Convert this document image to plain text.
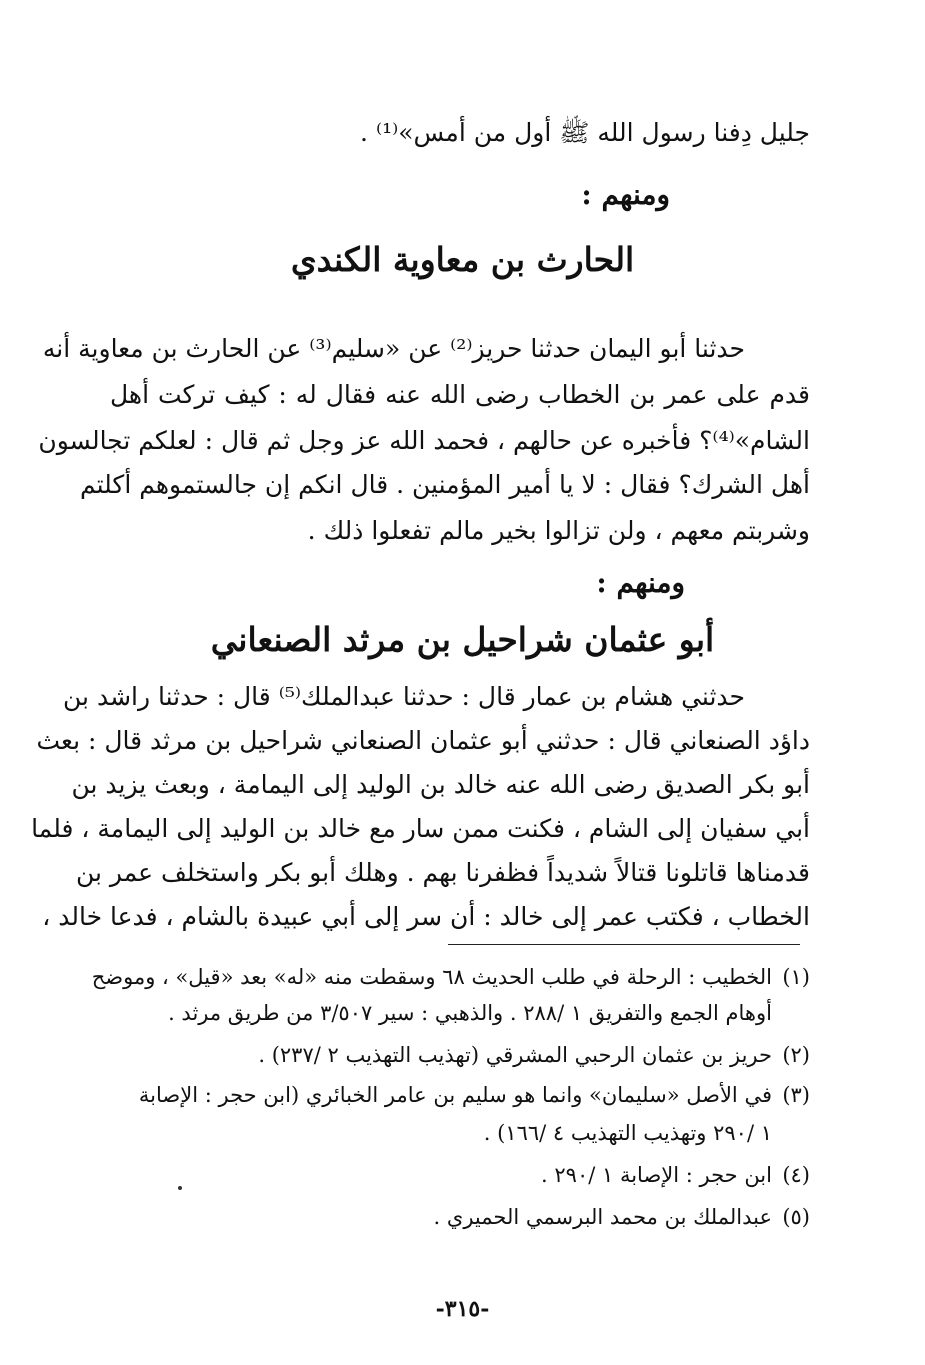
جليل دِفنا رسول الله ﷺ أول من أمس»⁽¹⁾ .
ومنهم :
الحارث بن معاوية الكندي
حدثنا أبو اليمان حدثنا حريز⁽²⁾ عن «سليم⁽³⁾ عن الحارث بن معاوية أنه
قدم على عمر بن الخطاب رضى الله عنه فقال له : كيف تركت أهل
الشام»⁽⁴⁾؟ فأخبره عن حالهم ، فحمد الله عز وجل ثم قال : لعلكم تجالسون
أهل الشرك؟ فقال : لا يا أمير المؤمنين . قال انكم إن جالستموهم أكلتم
وشربتم معهم ، ولن تزالوا بخير مالم تفعلوا ذلك .
ومنهم :
أبو عثمان شراحيل بن مرثد الصنعاني
حدثني هشام بن عمار قال : حدثنا عبدالملك⁽⁵⁾ قال : حدثنا راشد بن
داؤد الصنعاني قال : حدثني أبو عثمان الصنعاني شراحيل بن مرثد قال : بعث
أبو بكر الصديق رضى الله عنه خالد بن الوليد إلى اليمامة ، وبعث يزيد بن
أبي سفيان إلى الشام ، فكنت ممن سار مع خالد بن الوليد إلى اليمامة ، فلما
قدمناها قاتلونا قتالاً شديداً فظفرنا بهم . وهلك أبو بكر واستخلف عمر بن
الخطاب ، فكتب عمر إلى خالد : أن سر إلى أبي عبيدة بالشام ، فدعا خالد ،
(١)
الخطيب : الرحلة في طلب الحديث ٦٨ وسقطت منه «له» بعد «قيل» ، وموضح
أوهام الجمع والتفريق ١ /٢٨٨ . والذهبي : سير ٣/٥٠٧ من طريق مرثد .
(٢)
حريز بن عثمان الرحبي المشرقي (تهذيب التهذيب ٢ /٢٣٧) .
(٣)
في الأصل «سليمان» وانما هو سليم بن عامر الخبائري (ابن حجر : الإصابة
١ /٢٩٠ وتهذيب التهذيب ٤ /١٦٦) .
(٤)
ابن حجر : الإصابة ١ /٢٩٠ .
(٥)
عبدالملك بن محمد البرسمي الحميري .
-٣١٥-
